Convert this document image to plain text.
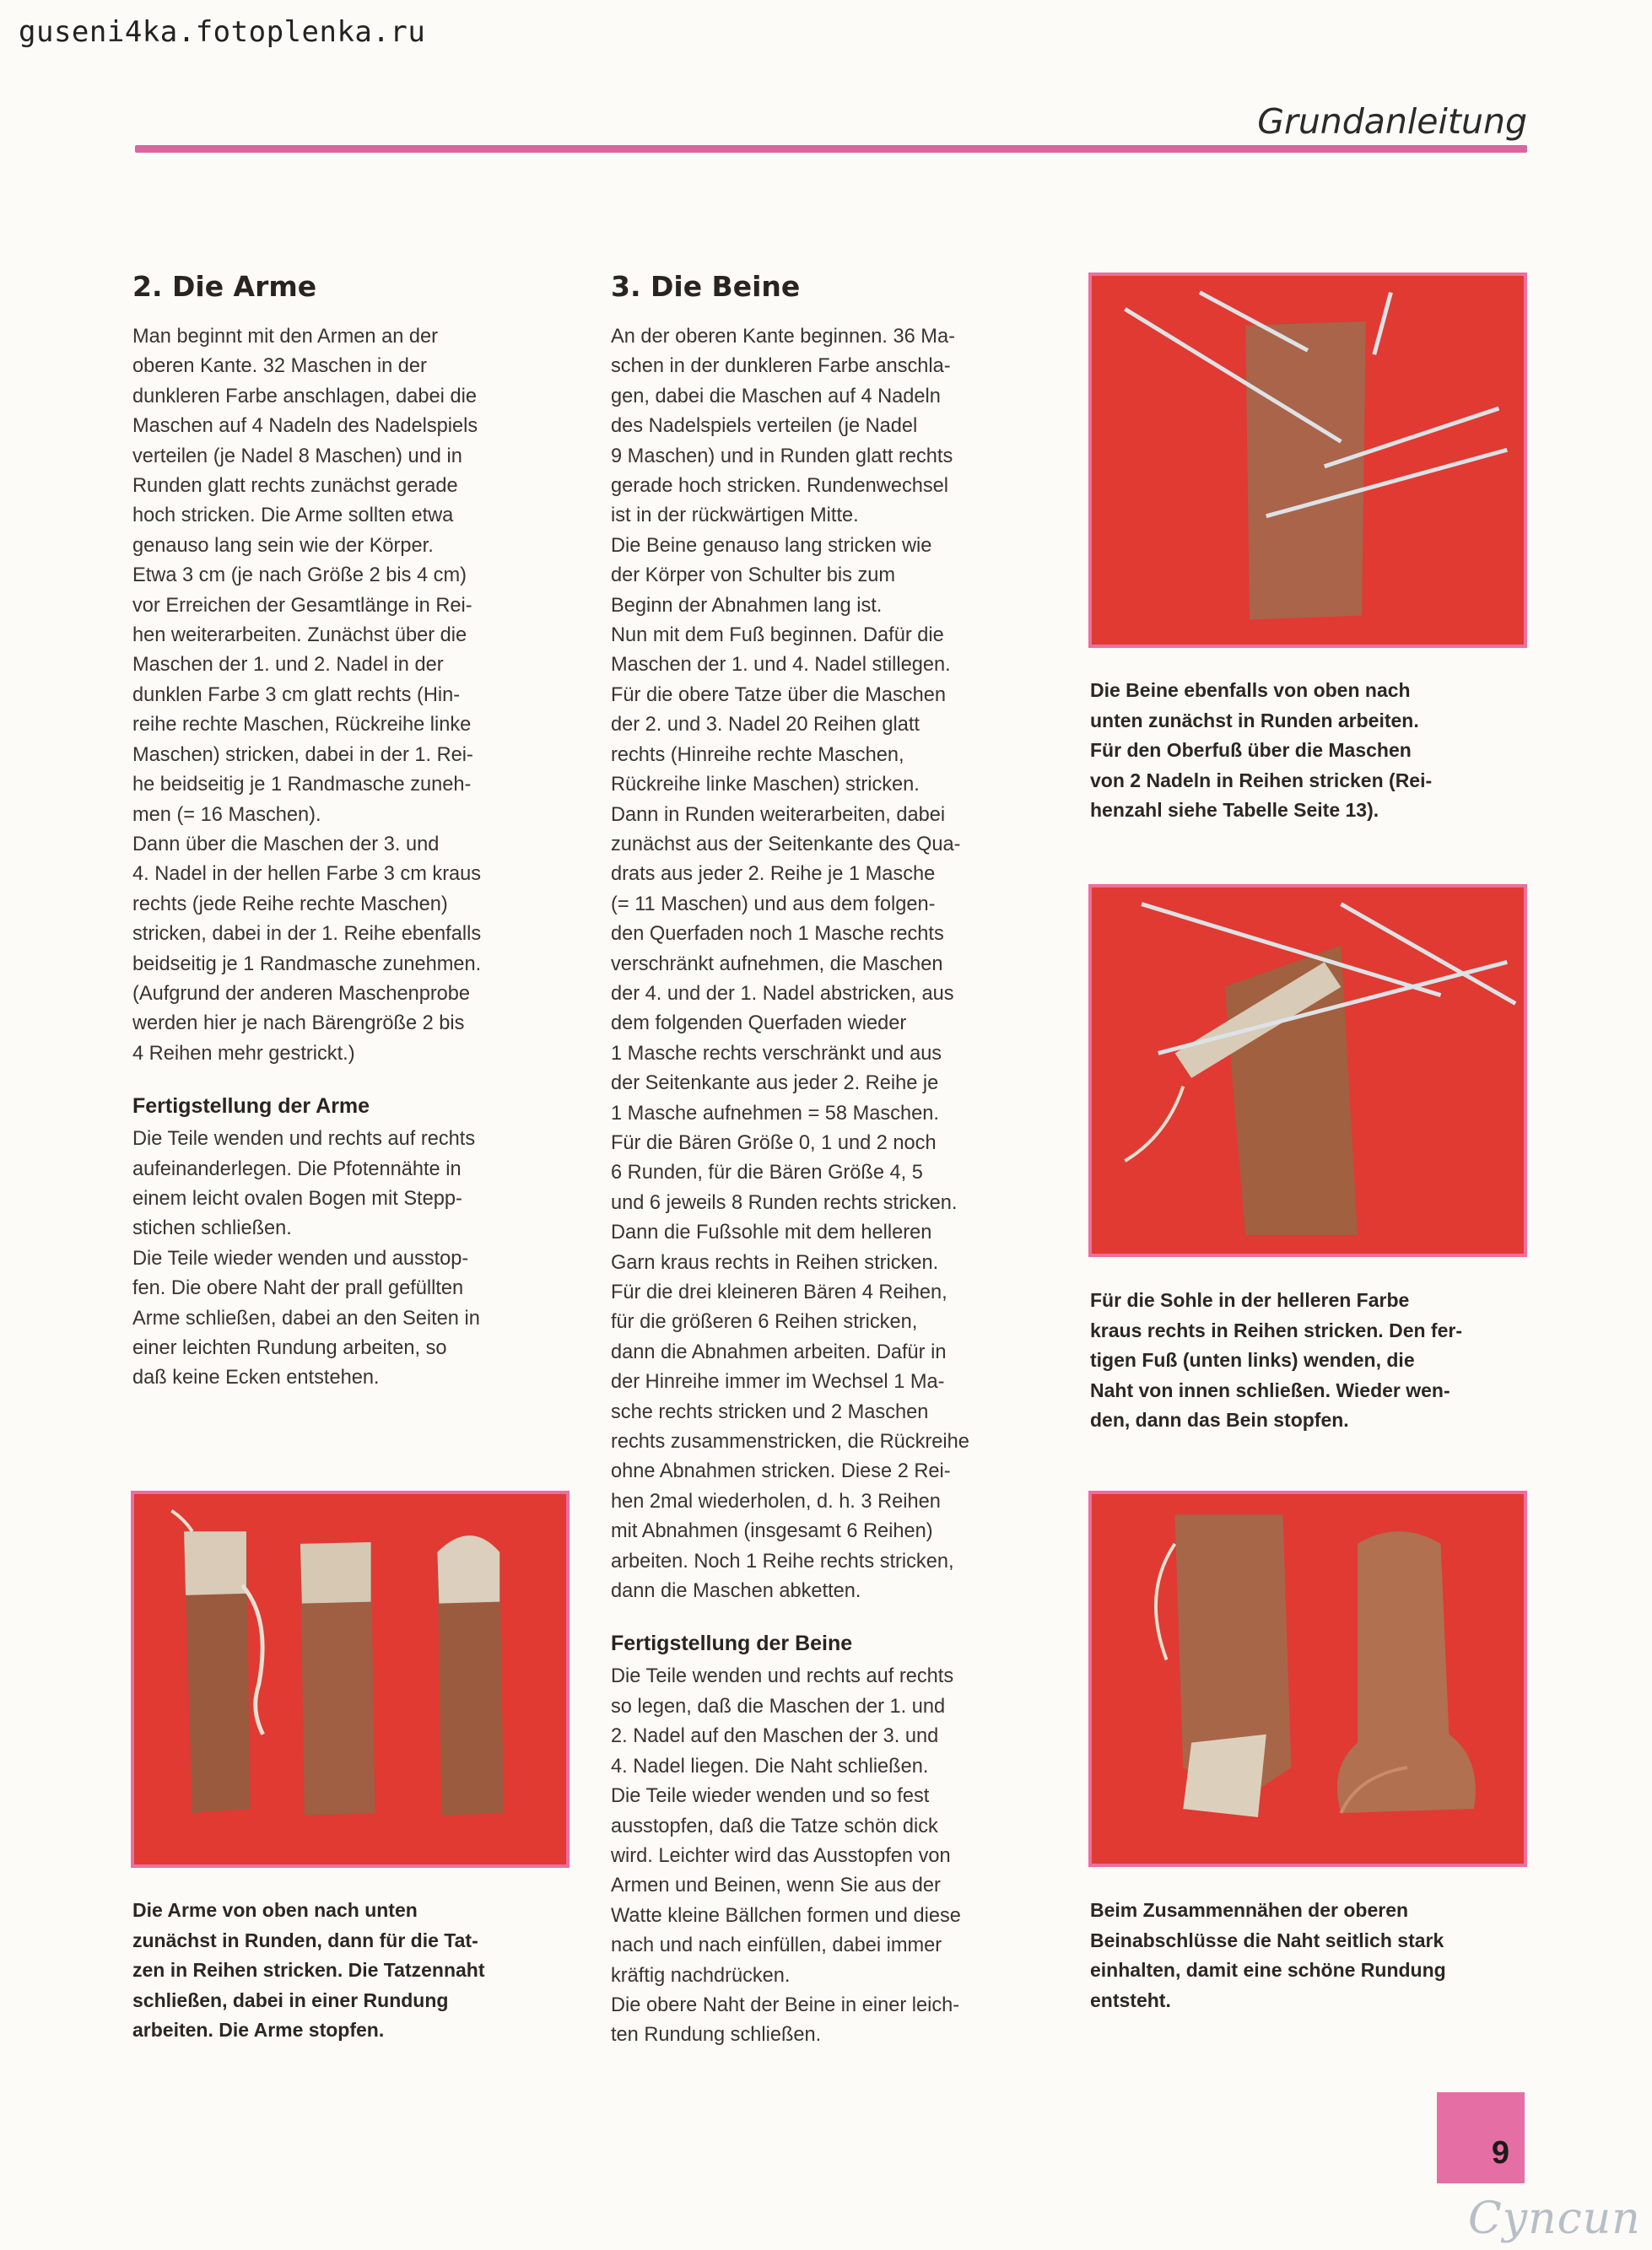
guseni4ka.fotoplenka.ru
Grundanleitung
2. Die Arme

Man beginnt mit den Armen an der
oberen Kante. 32 Maschen in der
dunkleren Farbe anschlagen, dabei die
Maschen auf 4 Nadeln des Nadelspiels
verteilen (je Nadel 8 Maschen) und in
Runden glatt rechts zunächst gerade
hoch stricken. Die Arme sollten etwa
genauso lang sein wie der Körper.
Etwa 3 cm (je nach Größe 2 bis 4 cm)
vor Erreichen der Gesamtlänge in Rei-
hen weiterarbeiten. Zunächst über die
Maschen der 1. und 2. Nadel in der
dunklen Farbe 3 cm glatt rechts (Hin-
reihe rechte Maschen, Rückreihe linke
Maschen) stricken, dabei in der 1. Rei-
he beidseitig je 1 Randmasche zuneh-
men (= 16 Maschen).
Dann über die Maschen der 3. und
4. Nadel in der hellen Farbe 3 cm kraus
rechts (jede Reihe rechte Maschen)
stricken, dabei in der 1. Reihe ebenfalls
beidseitig je 1 Randmasche zunehmen.
(Aufgrund der anderen Maschenprobe
werden hier je nach Bärengröße 2 bis
4 Reihen mehr gestrickt.)

Fertigstellung der Arme

Die Teile wenden und rechts auf rechts
aufeinanderlegen. Die Pfotennähte in
einem leicht ovalen Bogen mit Stepp-
stichen schließen.
Die Teile wieder wenden und ausstop-
fen. Die obere Naht der prall gefüllten
Arme schließen, dabei an den Seiten in
einer leichten Rundung arbeiten, so
daß keine Ecken entstehen.

3. Die Beine

An der oberen Kante beginnen. 36 Ma-
schen in der dunkleren Farbe anschla-
gen, dabei die Maschen auf 4 Nadeln
des Nadelspiels verteilen (je Nadel
9 Maschen) und in Runden glatt rechts
gerade hoch stricken. Rundenwechsel
ist in der rückwärtigen Mitte.
Die Beine genauso lang stricken wie
der Körper von Schulter bis zum
Beginn der Abnahmen lang ist.
Nun mit dem Fuß beginnen. Dafür die
Maschen der 1. und 4. Nadel stillegen.
Für die obere Tatze über die Maschen
der 2. und 3. Nadel 20 Reihen glatt
rechts (Hinreihe rechte Maschen,
Rückreihe linke Maschen) stricken.
Dann in Runden weiterarbeiten, dabei
zunächst aus der Seitenkante des Qua-
drats aus jeder 2. Reihe je 1 Masche
(= 11 Maschen) und aus dem folgen-
den Querfaden noch 1 Masche rechts
verschränkt aufnehmen, die Maschen
der 4. und der 1. Nadel abstricken, aus
dem folgenden Querfaden wieder
1 Masche rechts verschränkt und aus
der Seitenkante aus jeder 2. Reihe je
1 Masche aufnehmen = 58 Maschen.
Für die Bären Größe 0, 1 und 2 noch
6 Runden, für die Bären Größe 4, 5
und 6 jeweils 8 Runden rechts stricken.
Dann die Fußsohle mit dem helleren
Garn kraus rechts in Reihen stricken.
Für die drei kleineren Bären 4 Reihen,
für die größeren 6 Reihen stricken,
dann die Abnahmen arbeiten. Dafür in
der Hinreihe immer im Wechsel 1 Ma-
sche rechts stricken und 2 Maschen
rechts zusammenstricken, die Rückreihe
ohne Abnahmen stricken. Diese 2 Rei-
hen 2mal wiederholen, d. h. 3 Reihen
mit Abnahmen (insgesamt 6 Reihen)
arbeiten. Noch 1 Reihe rechts stricken,
dann die Maschen abketten.

Fertigstellung der Beine

Die Teile wenden und rechts auf rechts
so legen, daß die Maschen der 1. und
2. Nadel auf den Maschen der 3. und
4. Nadel liegen. Die Naht schließen.
Die Teile wieder wenden und so fest
ausstopfen, daß die Tatze schön dick
wird. Leichter wird das Ausstopfen von
Armen und Beinen, wenn Sie aus der
Watte kleine Bällchen formen und diese
nach und nach einfüllen, dabei immer
kräftig nachdrücken.
Die obere Naht der Beine in einer leich-
ten Rundung schließen.

Die Arme von oben nach unten
zunächst in Runden, dann für die Tat-
zen in Reihen stricken. Die Tatzennaht
schließen, dabei in einer Rundung
arbeiten. Die Arme stopfen.
Die Beine ebenfalls von oben nach
unten zunächst in Runden arbeiten.
Für den Oberfuß über die Maschen
von 2 Nadeln in Reihen stricken (Rei-
henzahl siehe Tabelle Seite 13).
Für die Sohle in der helleren Farbe
kraus rechts in Reihen stricken. Den fer-
tigen Fuß (unten links) wenden, die
Naht von innen schließen. Wieder wen-
den, dann das Bein stopfen.
Beim Zusammennähen der oberen
Beinabschlüsse die Naht seitlich stark
einhalten, damit eine schöne Rundung
entsteht.
9
Cyncun
